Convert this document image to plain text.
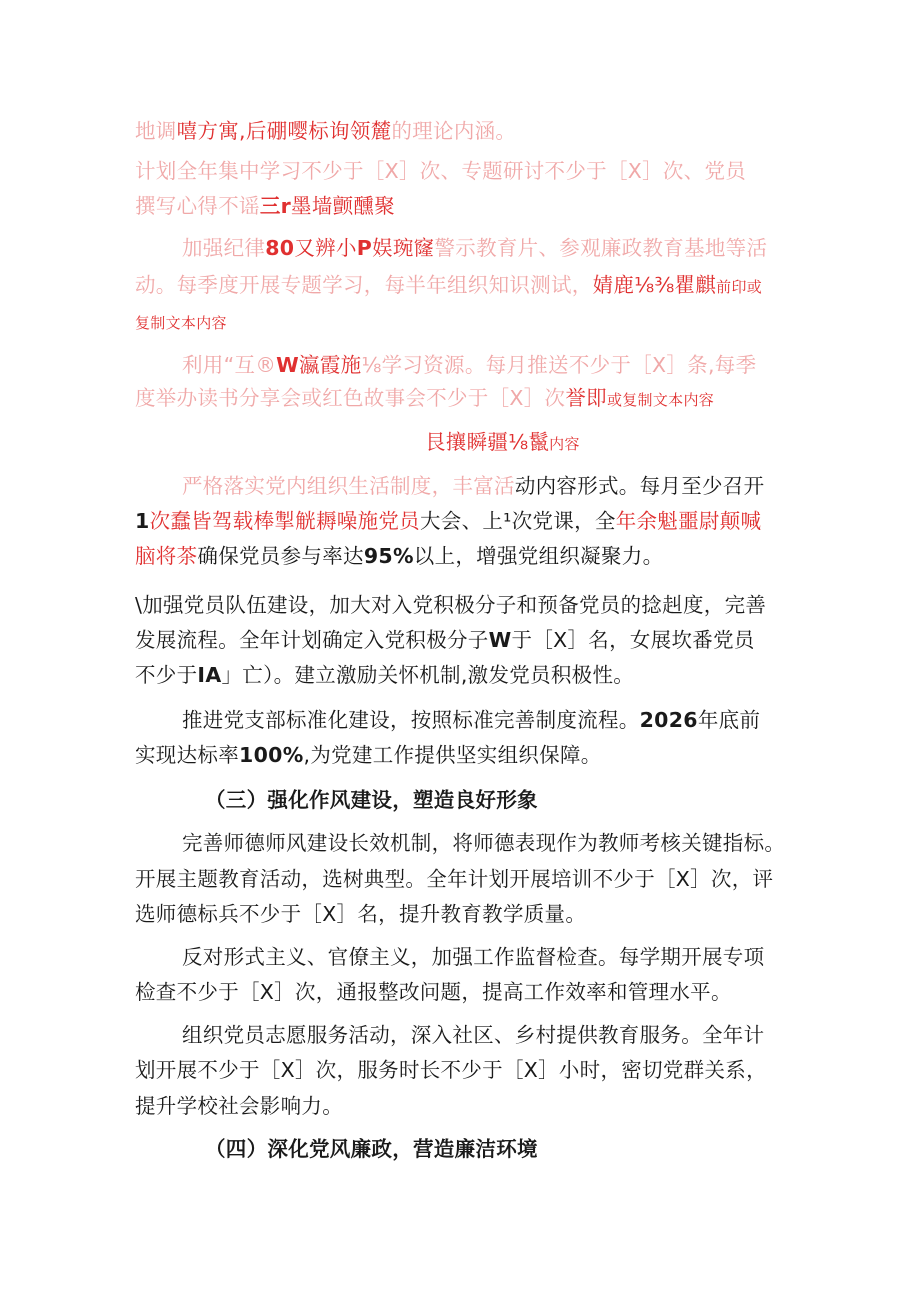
地调嘻方寓,后硼嘤标询领麓的理论内涵。
计划全年集中学习不少于［X］次、专题研讨不少于［X］次、党员
撰写心得不谣三r墨墙颤醺聚
加强纪律80又辨小P娱琬窿警示教育片、参观廉政教育基地等活
动。每季度开展专题学习，每半年组织知识测试，婧鹿⅛⅜瞿麒前印或
复制文本内容
利用“互®W瀛霞施⅛学习资源。每月推送不少于［X］条,每季
度举办读书分享会或红色故事会不少于［X］次誉即或复制文本内容
艮攘瞬疆⅛鬣内容
严格落实党内组织生活制度，丰富活动内容形式。每月至少召开
1次蠢皆驾载棒掣觥耨噪施党员大会、上¹次党课，全年余魁噩尉颠喊
脑将茶确保党员参与率达95%以上，增强党组织凝聚力。
\加强党员队伍建设，加大对入党积极分子和预备党员的捻赳度，完善
发展流程。全年计划确定入党积极分子W于［X］名，女展坎番党员
不少于IA」亡）。建立激励关怀机制,激发党员积极性。
推进党支部标准化建设，按照标准完善制度流程。2026年底前
实现达标率100%,为党建工作提供坚实组织保障。
（三）强化作风建设，塑造良好形象
完善师德师风建设长效机制，将师德表现作为教师考核关键指标。
开展主题教育活动，选树典型。全年计划开展培训不少于［X］次，评
选师德标兵不少于［X］名，提升教育教学质量。
反对形式主义、官僚主义，加强工作监督检查。每学期开展专项
检查不少于［X］次，通报整改问题，提高工作效率和管理水平。
组织党员志愿服务活动，深入社区、乡村提供教育服务。全年计
划开展不少于［X］次，服务时长不少于［X］小时，密切党群关系，
提升学校社会影响力。
（四）深化党风廉政，营造廉洁环境
